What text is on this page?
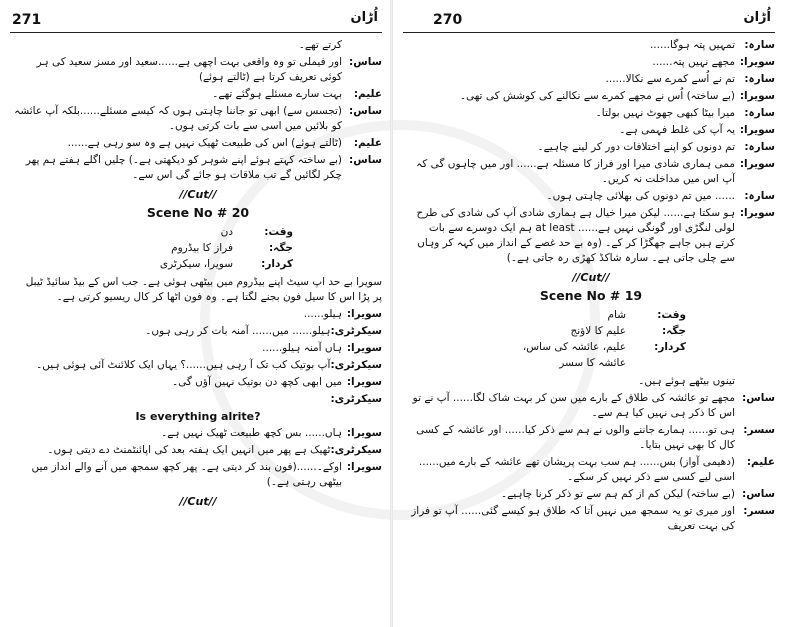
271	اُڑان
کرتے تھے۔
ساس:
اور فیملی تو وہ واقعی بہت اچھی ہے......سعید اور مسز سعید کی ہر کوئی تعریف کرتا ہے (ٹالتے ہوئے)
علیم:
بہت سارے مسئلے ہوگئے تھے۔
ساس:
(تجسس سے) ابھی تو جاننا چاہتی ہوں کہ کیسے مسئلے......بلکہ آپ عائشہ کو بلائیں میں اسی سے بات کرتی ہوں۔
علیم:
(ٹالتے ہوئے) اس کی طبیعت ٹھیک نہیں ہے وہ سو رہی ہے......
ساس:
(بے ساختہ کہتے ہوئے اپنے شوہر کو دیکھتی ہے۔) چلیں اگلے ہفتے ہم پھر چکر لگائیں گے تب ملاقات ہو جائے گی اس سے۔
//Cut//
Scene No # 20
وقت:
دن
جگہ:
فراز کا بیڈروم
کردار:
سویرا، سیکرٹری
سویرا بے حد اپ سیٹ اپنے بیڈروم میں بیٹھی ہوئی ہے۔ جب اس کے بیڈ سائیڈ ٹیبل پر پڑا اس کا سیل فون بجنے لگتا ہے۔ وہ فون اٹھا کر کال ریسیو کرتی ہے۔
سویرا:
ہیلو......
سیکرٹری:
ہیلو...... میں...... آمنہ بات کر رہی ہوں۔
سویرا:
ہاں آمنہ ہیلو......
سیکرٹری:
آپ بوتیک کب تک آ رہی ہیں......؟ یہاں ایک کلائنٹ آئی ہوئی ہیں۔
سویرا:
میں ابھی کچھ دن بوتیک نہیں آؤں گی۔
سیکرٹری:
Is everything alrite?
سویرا:
ہاں...... بس کچھ طبیعت ٹھیک نہیں ہے۔
سیکرٹری:
ٹھیک ہے پھر میں انہیں ایک ہفتہ بعد کی اپائنٹمنٹ دے دیتی ہوں۔
سویرا:
اوکے۔......(فون بند کر دیتی ہے۔ پھر کچھ سمجھ میں آنے والے انداز میں بیٹھی رہتی ہے۔)
//Cut//
270	اُڑان
سارہ:
تمہیں پتہ ہوگا......
سویرا:
مجھے نہیں پتہ......
سارہ:
تم نے اُسے کمرے سے نکالا......
سویرا:
(بے ساختہ) اُس نے مجھے کمرے سے نکالنے کی کوشش کی تھی۔
سارہ:
میرا بیٹا کبھی جھوٹ نہیں بولتا۔
سویرا:
یہ آپ کی غلط فہمی ہے۔
سارہ:
تم دونوں کو اپنے اختلافات دور کر لینے چاہیے۔
سویرا:
ممی ہماری شادی میرا اور فراز کا مسئلہ ہے...... اور میں چاہوں گی کہ آپ اس میں مداخلت نہ کریں۔
سارہ:
...... میں تم دونوں کی بھلائی چاہتی ہوں۔
سویرا:
ہو سکتا ہے...... لیکن میرا خیال ہے ہماری شادی آپ کی شادی کی طرح لولی لنگڑی اور گونگی نہیں ہے...... at least ہم ایک دوسرے سے بات کرتے ہیں جاہے جھگڑا کر کے۔ (وہ بے حد غصے کے انداز میں کہہ کر وہاں سے چلی جاتی ہے۔ سارہ شاکڈ کھڑی رہ جاتی ہے۔)
//Cut//
Scene No # 19
وقت:
شام
جگہ:
علیم کا لاؤنج
کردار:
علیم، عائشہ کی ساس، عائشہ کا سسر
تینوں بیٹھے ہوئے ہیں۔
ساس:
مجھے تو عائشہ کی طلاق کے بارے میں سن کر بہت شاک لگا...... آپ نے تو اس کا ذکر ہی نہیں کیا ہم سے۔
سسر:
ہی تو...... ہمارے جاننے والوں نے ہم سے ذکر کیا...... اور عائشہ کے کسی کال کا بھی نہیں بتایا۔
علیم:
(دھیمی آواز) بس...... ہم سب بہت پریشان تھے عائشہ کے بارے میں...... اسی لیے کسی سے ذکر نہیں کر سکے۔
ساس:
(بے ساختہ) لیکن کم از کم ہم سے تو ذکر کرنا چاہیے۔
سسر:
اور میری تو یہ سمجھ میں نہیں آتا کہ طلاق ہو کیسے گئی...... آپ تو فراز کی بہت تعریف
